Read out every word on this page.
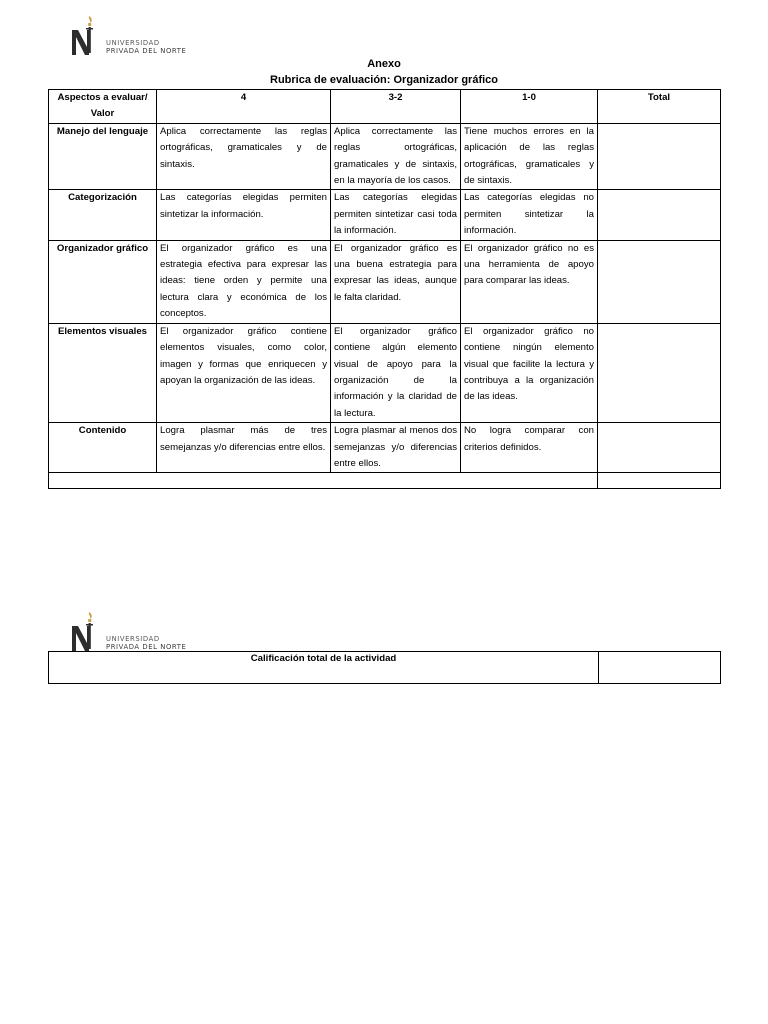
UNIVERSIDAD
PRIVADA DEL NORTE
Anexo
Rubrica de evaluación: Organizador gráfico
Aspectos a evaluar/ Valor	4	3-2	1-0	Total
Manejo del lenguaje	Aplica correctamente las reglas ortográficas, gramaticales y de sintaxis.	Aplica correctamente las reglas ortográficas, gramaticales y de sintaxis, en la mayoría de los casos.	Tiene muchos errores en la aplicación de las reglas ortográficas, gramaticales y de sintaxis.	
Categorización	Las categorías elegidas permiten sintetizar la información.	Las categorías elegidas permiten sintetizar casi toda la información.	Las categorías elegidas no permiten sintetizar la información.	
Organizador gráfico	El organizador gráfico es una estrategia efectiva para expresar las ideas: tiene orden y permite una lectura clara y económica de los conceptos.	El organizador gráfico es una buena estrategia para expresar las ideas, aunque le falta claridad.	El organizador gráfico no es una herramienta de apoyo para comparar las ideas.	
Elementos visuales	El organizador gráfico contiene elementos visuales, como color, imagen y formas que enriquecen y apoyan la organización de las ideas.	El organizador gráfico contiene algún elemento visual de apoyo para la organización de la información y la claridad de la lectura.	El organizador gráfico no contiene ningún elemento visual que facilite la lectura y contribuya a la organización de las ideas.	
Contenido	Logra plasmar más de tres semejanzas y/o diferencias entre ellos.	Logra plasmar al menos dos semejanzas y/o diferencias entre ellos.	No logra comparar con criterios definidos.	

UNIVERSIDAD
PRIVADA DEL NORTE
Calificación total de la actividad	
